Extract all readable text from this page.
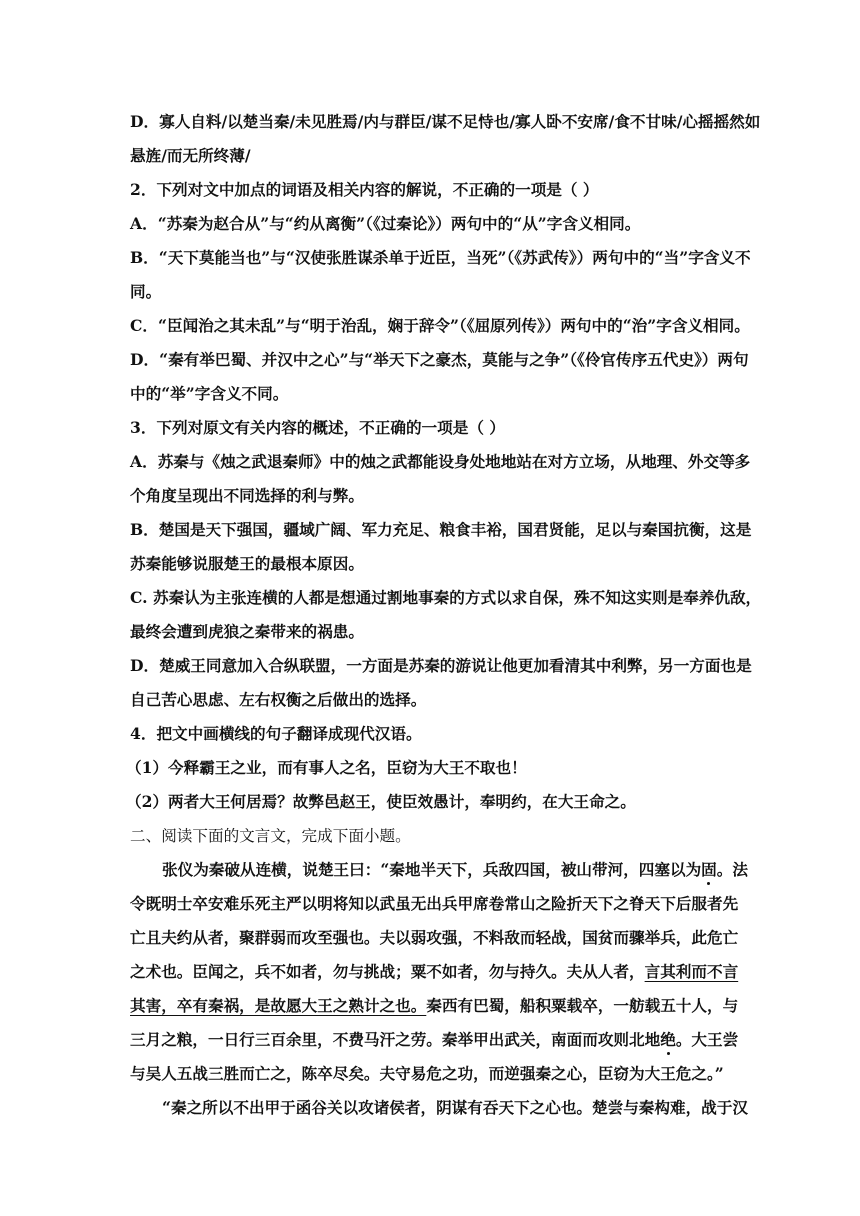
D．寡人自料/以楚当秦/未见胜焉/内与群臣/谋不足恃也/寡人卧不安席/食不甘味/心摇摇然如
悬旌/而无所终薄/
2．下列对文中加点的词语及相关内容的解说，不正确的一项是（ ）
A．“苏秦为赵合从”与“约从离衡”（《过秦论》）两句中的“从”字含义相同。
B．“天下莫能当也”与“汉使张胜谋杀单于近臣，当死”（《苏武传》）两句中的“当”字含义不
同。
C．“臣闻治之其未乱”与“明于治乱，娴于辞令”（《屈原列传》）两句中的“治”字含义相同。
D．“秦有举巴蜀、并汉中之心”与“举天下之豪杰，莫能与之争”（《伶官传序五代史》）两句
中的“举”字含义不同。
3．下列对原文有关内容的概述，不正确的一项是（ ）
A．苏秦与《烛之武退秦师》中的烛之武都能设身处地地站在对方立场，从地理、外交等多
个角度呈现出不同选择的利与弊。
B．楚国是天下强国，疆域广阔、军力充足、粮食丰裕，国君贤能，足以与秦国抗衡，这是
苏秦能够说服楚王的最根本原因。
C. 苏秦认为主张连横的人都是想通过割地事秦的方式以求自保，殊不知这实则是奉养仇敌，
最终会遭到虎狼之秦带来的祸患。
D．楚威王同意加入合纵联盟，一方面是苏秦的游说让他更加看清其中利弊，另一方面也是
自己苦心思虑、左右权衡之后做出的选择。
4．把文中画横线的句子翻译成现代汉语。
（1）今释霸王之业，而有事人之名，臣窃为大王不取也！
（2）两者大王何居焉？故弊邑赵王，使臣效愚计，奉明约，在大王命之。
二、阅读下面的文言文，完成下面小题。
张仪为秦破从连横，说楚王曰：“秦地半天下，兵敌四国，被山带河，四塞以为固。法
令既明士卒安难乐死主严以明将知以武虽无出兵甲席卷常山之险折天下之脊天下后服者先
亡且夫约从者，聚群弱而攻至强也。夫以弱攻强，不料敌而轻战，国贫而骤举兵，此危亡
之术也。臣闻之，兵不如者，勿与挑战；粟不如者，勿与持久。夫从人者，言其利而不言
其害，卒有秦祸，是故愿大王之熟计之也。秦西有巴蜀，船积粟载卒，一舫载五十人，与
三月之粮，一日行三百余里，不费马汗之劳。秦举甲出武关，南面而攻则北地绝。大王尝
与吴人五战三胜而亡之，陈卒尽矣。夫守易危之功，而逆强秦之心，臣窃为大王危之。”
“秦之所以不出甲于函谷关以攻诸侯者，阴谋有吞天下之心也。楚尝与秦构难，战于汉
